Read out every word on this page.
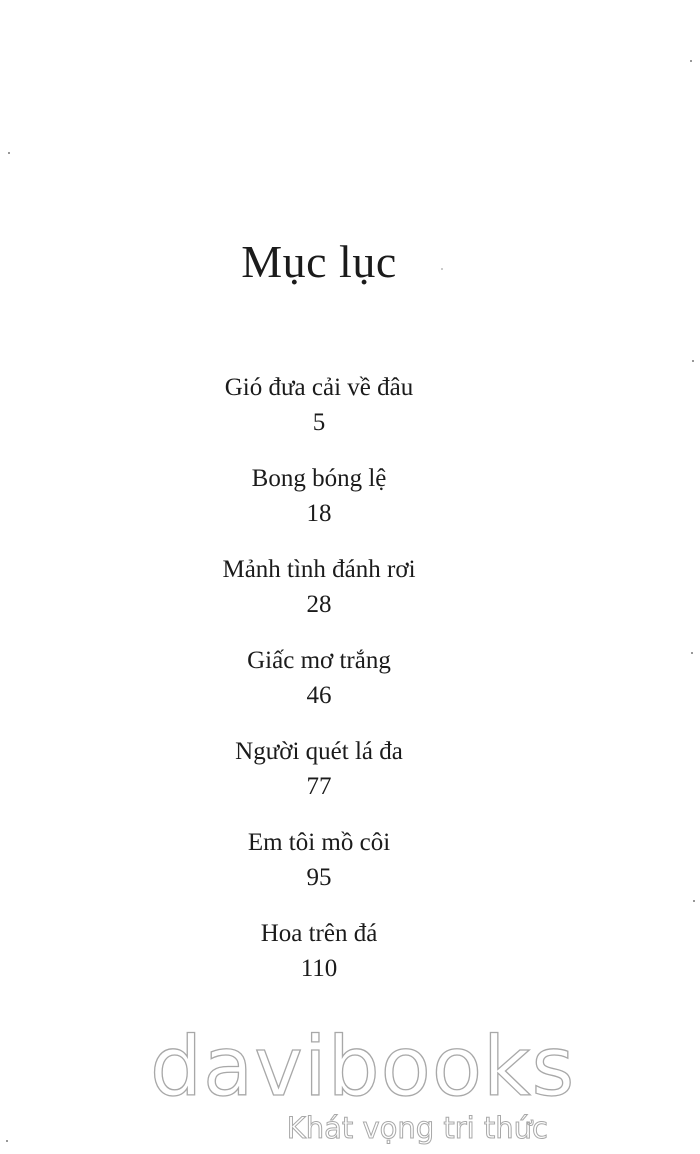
Mục lục
Gió đưa cải về đâu
5
Bong bóng lệ
18
Mảnh tình đánh rơi
28
Giấc mơ trắng
46
Người quét lá đa
77
Em tôi mồ côi
95
Hoa trên đá
110
davibooks
Khát vọng tri thức
